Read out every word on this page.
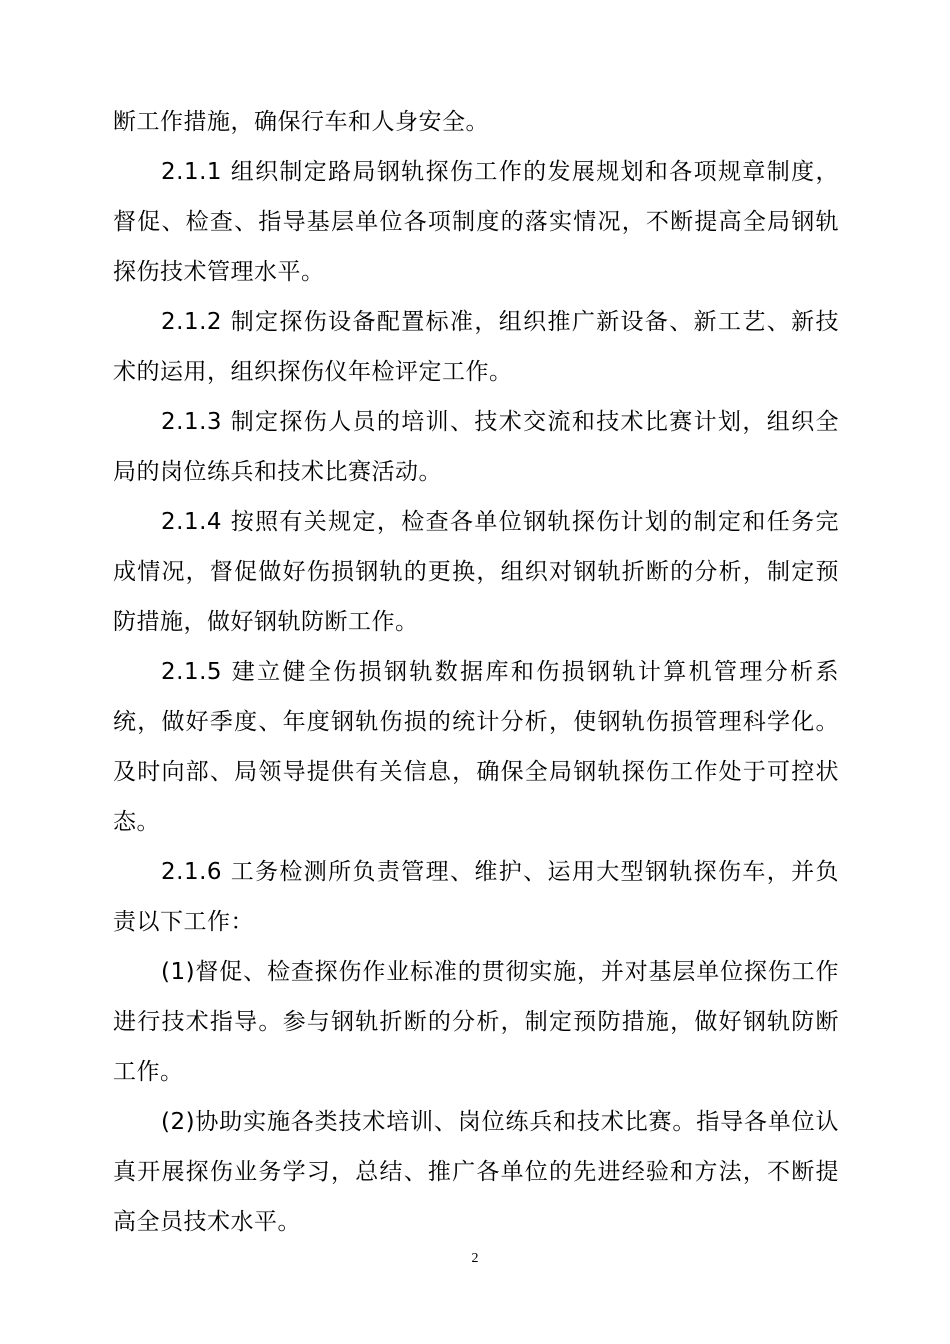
断工作措施，确保行车和人身安全。

2.1.1 组织制定路局钢轨探伤工作的发展规划和各项规章制度，督促、检查、指导基层单位各项制度的落实情况，不断提高全局钢轨探伤技术管理水平。

2.1.2 制定探伤设备配置标准，组织推广新设备、新工艺、新技术的运用，组织探伤仪年检评定工作。

2.1.3 制定探伤人员的培训、技术交流和技术比赛计划，组织全局的岗位练兵和技术比赛活动。

2.1.4 按照有关规定，检查各单位钢轨探伤计划的制定和任务完成情况，督促做好伤损钢轨的更换，组织对钢轨折断的分析，制定预防措施，做好钢轨防断工作。

2.1.5 建立健全伤损钢轨数据库和伤损钢轨计算机管理分析系统，做好季度、年度钢轨伤损的统计分析，使钢轨伤损管理科学化。及时向部、局领导提供有关信息，确保全局钢轨探伤工作处于可控状态。

2.1.6 工务检测所负责管理、维护、运用大型钢轨探伤车，并负责以下工作：

(1)督促、检查探伤作业标准的贯彻实施，并对基层单位探伤工作进行技术指导。参与钢轨折断的分析，制定预防措施，做好钢轨防断工作。

(2)协助实施各类技术培训、岗位练兵和技术比赛。指导各单位认真开展探伤业务学习，总结、推广各单位的先进经验和方法，不断提高全员技术水平。

2
